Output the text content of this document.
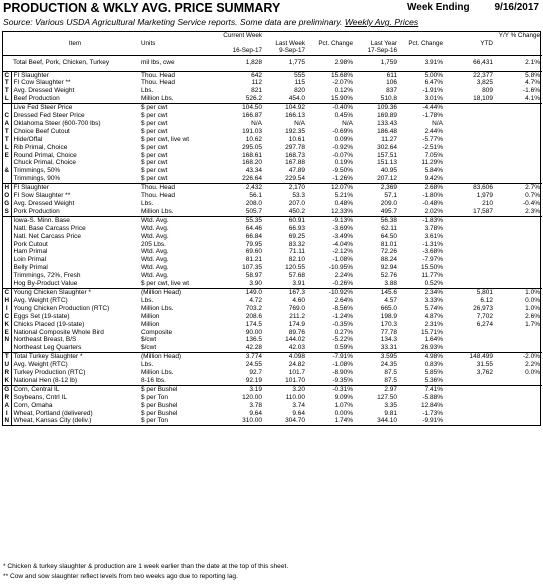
PRODUCTION & WKLY AVG. PRICE SUMMARY	Week Ending 9/16/2017
Source: Various USDA Agricultural Marketing Service reports. Some data are preliminary. Weekly Avg. Prices
			Current Week						Y/Y % Change
	Item	Units		Last Week	Pct. Change	Last Year	Pct. Change	YTD	
			16-Sep-17	9-Sep-17		17-Sep-16			
	Total Beef, Pork, Chicken, Turkey	mil lbs, cwe	1,828	1,775	2.98%	1,759	3.91%	66,431	2.1%
C	FI Slaughter	Thou. Head	642	555	15.68%	611	5.00%	22,377	5.8%
T	FI Cow Slaughter **	Thou. Head	112	115	-2.07%	106	6.47%	3,825	4.7%
T	Avg. Dressed Weight	Lbs.	821	820	0.12%	837	-1.91%	809	-1.6%
L	Beef Production	Million Lbs.	526.2	454.0	15.90%	510.8	3.01%	18,109	4.1%
	Live Fed Steer Price	$ per cwt	104.50	104.92	-0.40%	109.36	-4.44%		
C	Dressed Fed Steer Price	$ per cwt	166.87	166.13	0.45%	169.89	-1.78%		
A	Oklahoma Steer (600-700 lbs)	$ per cwt	N/A	N/A	N/A	133.43	N/A		
T	Choice Beef Cutout	$ per cwt	191.03	192.35	-0.69%	186.48	2.44%		
T	Hide/Offal	$ per cwt, live wt	10.62	10.61	0.09%	11.27	-5.77%		
L	Rib Primal, Choice	$ per cwt	295.05	297.78	-0.92%	302.64	-2.51%		
E	Round Primal, Choice	$ per cwt	168.61	168.73	-0.07%	157.51	7.05%		
	Chuck Primal, Choice	$ per cwt	168.20	167.88	0.19%	151.13	11.29%		
&	Trimmings, 50%	$ per cwt	43.34	47.89	-9.50%	40.95	5.84%		
	Trimmings, 90%	$ per cwt	226.64	229.54	-1.26%	207.12	9.42%		
H	FI Slaughter	Thou. Head	2,432	2,170	12.07%	2,369	2.68%	83,606	2.7%
O	FI Sow Slaughter **	Thou. Head	56.1	53.3	5.21%	57.1	-1.80%	1,979	0.7%
G	Avg. Dressed Weight	Lbs.	208.0	207.0	0.48%	209.0	-0.48%	210	-0.4%
S	Pork Production	Million Lbs.	505.7	450.2	12.33%	495.7	2.02%	17,587	2.3%
	Iowa-S. Minn. Base	Wtd. Avg.	55.35	60.91	-9.13%	56.38	-1.83%		
	Natl. Base Carcass Price	Wtd. Avg.	64.46	66.93	-3.69%	62.11	3.78%		
	Natl. Net Carcass Price	Wtd. Avg.	66.84	69.25	-3.49%	64.50	3.61%		
	Pork Cutout	205 Lbs.	79.95	83.32	-4.04%	81.01	-1.31%		
	Ham Primal	Wtd. Avg.	69.60	71.11	-2.12%	72.26	-3.68%		
	Loin Primal	Wtd. Avg.	81.21	82.10	-1.08%	88.24	-7.97%		
	Belly Primal	Wtd. Avg.	107.35	120.55	-10.95%	92.94	15.50%		
	Trimmings, 72%, Fresh	Wtd. Avg.	58.97	57.68	2.24%	52.76	11.77%		
	Hog By-Product Value	$ per cwt, live wt	3.90	3.91	-0.26%	3.88	0.52%		
C	Young Chicken Slaughter *	(Million Head)	149.0	167.3	-10.92%	145.6	2.34%	5,801	1.0%
H	Avg. Weight (RTC)	Lbs.	4.72	4.60	2.64%	4.57	3.33%	6.12	0.0%
I	Young Chicken Production (RTC)	Million Lbs.	703.2	769.0	-8.56%	665.0	5.74%	26,973	1.0%
C	Eggs Set (19-state)	Million	208.6	211.2	-1.24%	198.9	4.87%	7,702	2.6%
K	Chicks Placed (19-state)	Million	174.5	174.9	-0.35%	170.3	2.31%	6,274	1.7%
E	National Composite Whole Bird	Composite	90.00	89.76	0.27%	77.78	15.71%		
N	Northeast Breast, B/S	$/cwt	136.5	144.02	-5.22%	134.3	1.64%		
	Northeast Leg Quarters	$/cwt	42.28	42.03	0.59%	33.31	26.93%		
T	Total Turkey Slaughter *	(Million Head)	3.774	4.098	-7.91%	3.595	4.98%	148.499	-2.0%
U	Avg. Weight (RTC)	Lbs.	24.55	24.82	-1.08%	24.35	0.83%	31.55	2.2%
R	Turkey Production (RTC)	Million Lbs.	92.7	101.7	-8.90%	87.5	5.85%	3,762	0.0%
K	National Hen (8-12 lb)	8-16 lbs.	92.19	101.70	-9.35%	87.5	5.36%		
G	Corn, Central IL	$ per Bushel	3.19	3.20	-0.31%	2.97	7.41%		
R	Soybeans, Cntrl IL	$ per Ton	120.00	110.00	9.09%	127.50	-5.88%		
A	Corn, Omaha	$ per Bushel	3.78	3.74	1.07%	3.35	12.84%		
I	Wheat, Portland (delivered)	$ per Bushel	9.64	9.64	0.00%	9.81	-1.73%		
N	Wheat, Kansas City (deliv.)	$ per Ton	310.00	304.70	1.74%	344.10	-9.91%		
* Chicken & turkey slaughter & production are 1 week earlier than the date at the top of this sheet.
** Cow and sow slaughter reflect levels from two weeks ago due to reporting lag.
